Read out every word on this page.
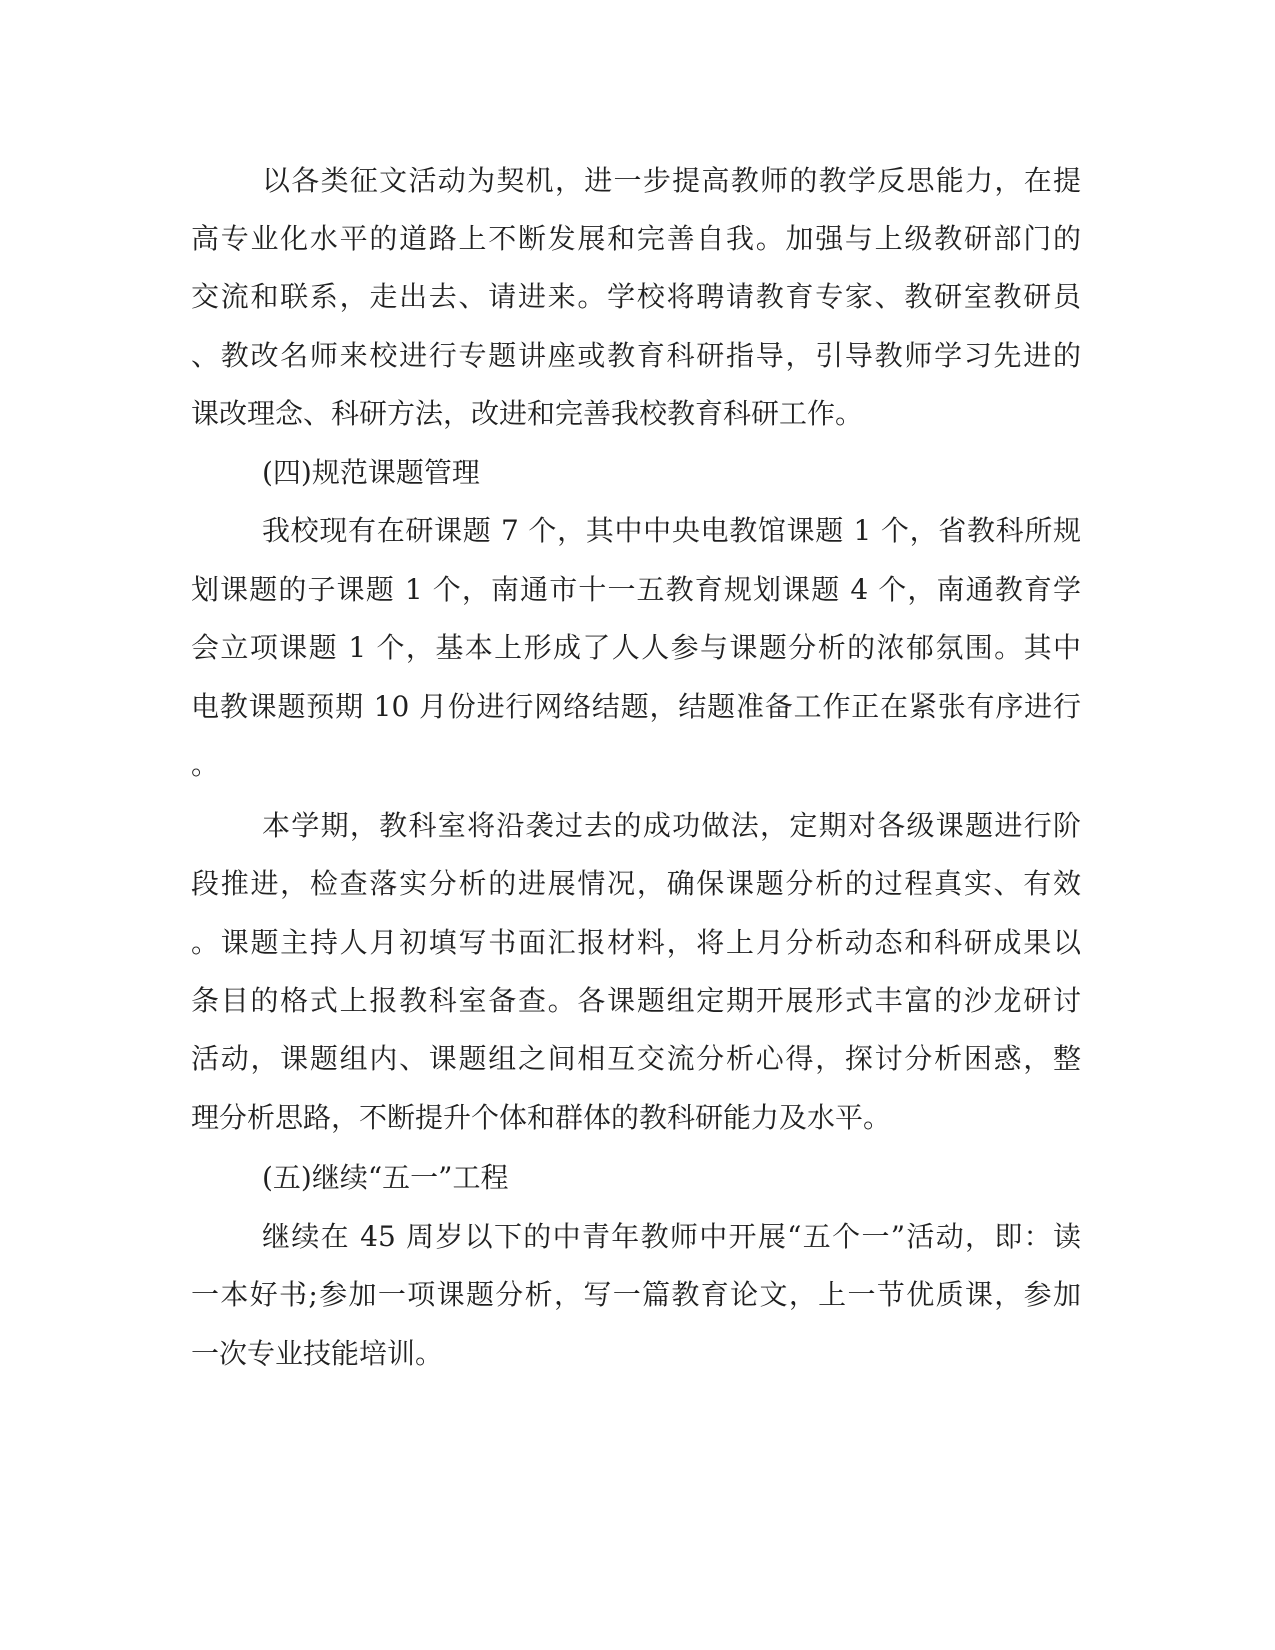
以各类征文活动为契机，进一步提高教师的教学反思能力，在提
高专业化水平的道路上不断发展和完善自我。加强与上级教研部门的
交流和联系，走出去、请进来。学校将聘请教育专家、教研室教研员
、教改名师来校进行专题讲座或教育科研指导，引导教师学习先进的
课改理念、科研方法，改进和完善我校教育科研工作。
(四)规范课题管理
我校现有在研课题 7 个，其中中央电教馆课题 1 个，省教科所规
划课题的子课题 1 个，南通市十一五教育规划课题 4 个，南通教育学
会立项课题 1 个，基本上形成了人人参与课题分析的浓郁氛围。其中
电教课题预期 10 月份进行网络结题，结题准备工作正在紧张有序进行
。
本学期，教科室将沿袭过去的成功做法，定期对各级课题进行阶
段推进，检查落实分析的进展情况，确保课题分析的过程真实、有效
。课题主持人月初填写书面汇报材料，将上月分析动态和科研成果以
条目的格式上报教科室备查。各课题组定期开展形式丰富的沙龙研讨
活动，课题组内、课题组之间相互交流分析心得，探讨分析困惑，整
理分析思路，不断提升个体和群体的教科研能力及水平。
(五)继续“五一”工程
继续在 45 周岁以下的中青年教师中开展“五个一”活动，即：读
一本好书;参加一项课题分析，写一篇教育论文，上一节优质课，参加
一次专业技能培训。
